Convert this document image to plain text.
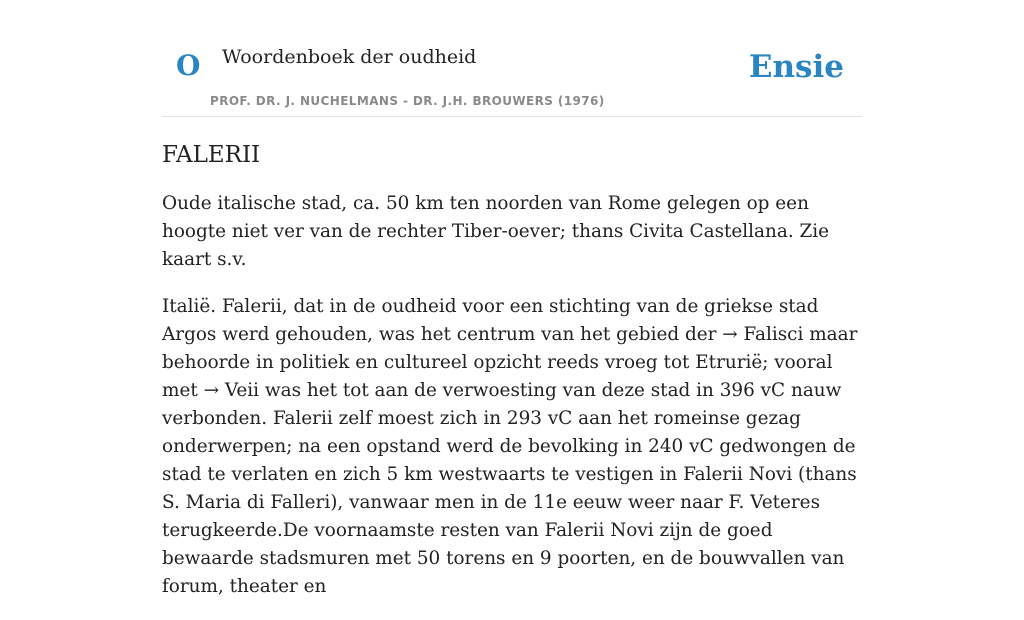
O Woordenboek der oudheid
PROF. DR. J. NUCHELMANS - DR. J.H. BROUWERS (1976)
Ensie
FALERII

Oude italische stad, ca. 50 km ten noorden van Rome gelegen op een hoogte niet ver van de rechter Tiber-oever; thans Civita Castellana. Zie kaart s.v.

Italië. Falerii, dat in de oudheid voor een stichting van de griekse stad Argos werd gehouden, was het centrum van het gebied der → Falisci maar behoorde in politiek en cultureel opzicht reeds vroeg tot Etrurië; vooral met → Veii was het tot aan de verwoesting van deze stad in 396 vC nauw verbonden. Falerii zelf moest zich in 293 vC aan het romeinse gezag onderwerpen; na een opstand werd de bevolking in 240 vC gedwongen de stad te verlaten en zich 5 km westwaarts te vestigen in Falerii Novi (thans S. Maria di Falleri), vanwaar men in de 11e eeuw weer naar F. Veteres terugkeerde.De voornaamste resten van Falerii Novi zijn de goed bewaarde stadsmuren met 50 torens en 9 poorten, en de bouwvallen van forum, theater en
